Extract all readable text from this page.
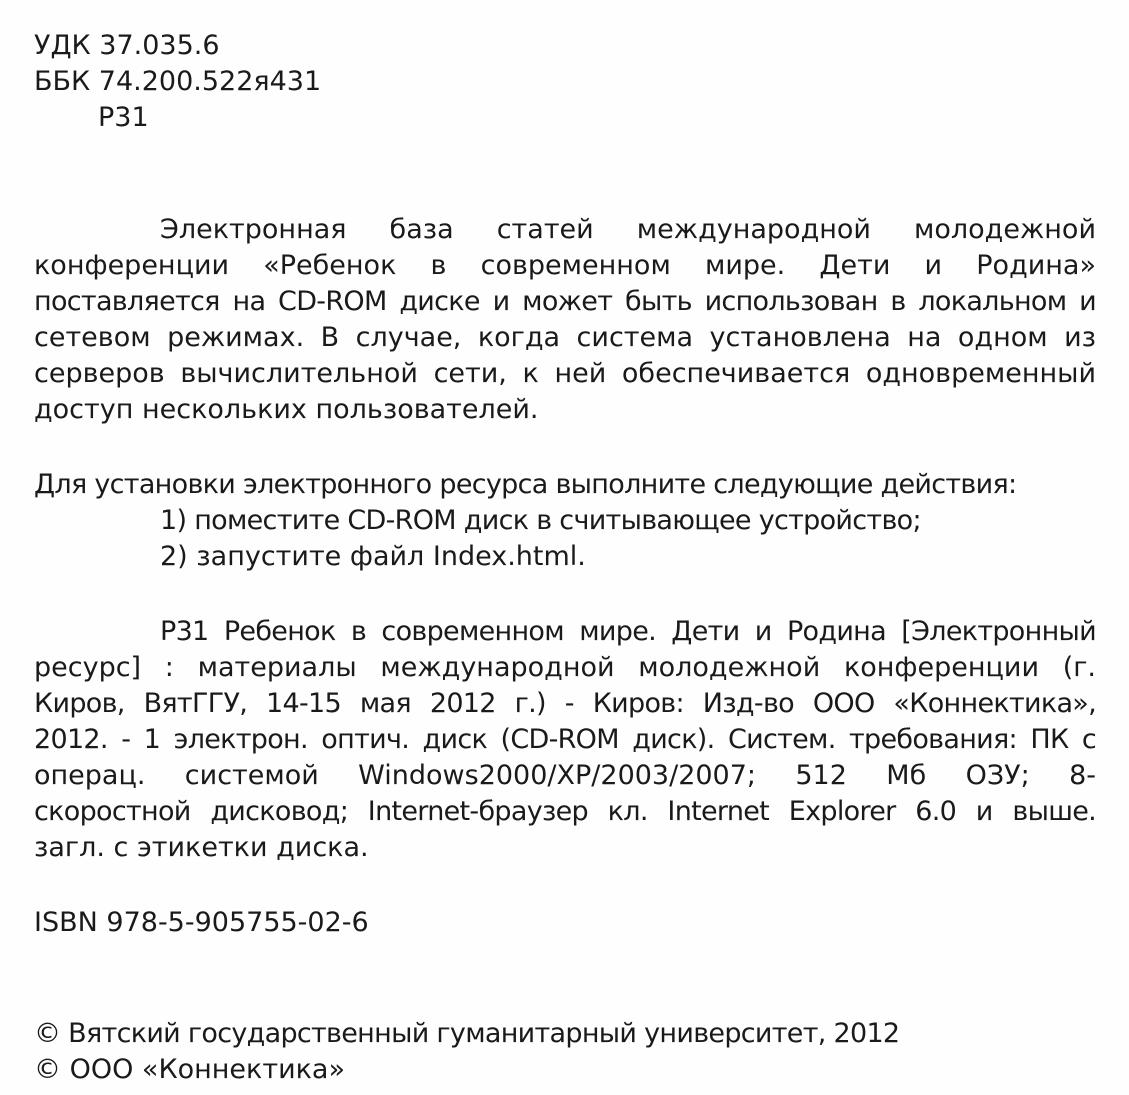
УДК 37.035.6
ББК 74.200.522я431
Р31
Электронная база статей международной молодежной
конференции «Ребенок в современном мире. Дети и Родина»
поставляется на CD-ROM диске и может быть использован в локальном и
сетевом режимах. В случае, когда система установлена на одном из
серверов вычислительной сети, к ней обеспечивается одновременный
доступ нескольких пользователей.
Для установки электронного ресурса выполните следующие действия:
1) поместите CD-ROM диск в считывающее устройство;
2) запустите файл Index.html.
Р31 Ребенок в современном мире. Дети и Родина [Электронный
ресурс] : материалы международной молодежной конференции (г.
Киров, ВятГГУ, 14-15 мая 2012 г.) - Киров: Изд-во ООО «Коннектика»,
2012. - 1 электрон. оптич. диск (CD-ROM диск). Систем. требования: ПК с
операц. системой Windows2000/XP/2003/2007; 512 Мб ОЗУ; 8-
скоростной дисковод; Internet-браузер кл. Internet Explorer 6.0 и выше.
загл. с этикетки диска.
ISBN 978-5-905755-02-6
© Вятский государственный гуманитарный университет, 2012
© ООО «Коннектика»
